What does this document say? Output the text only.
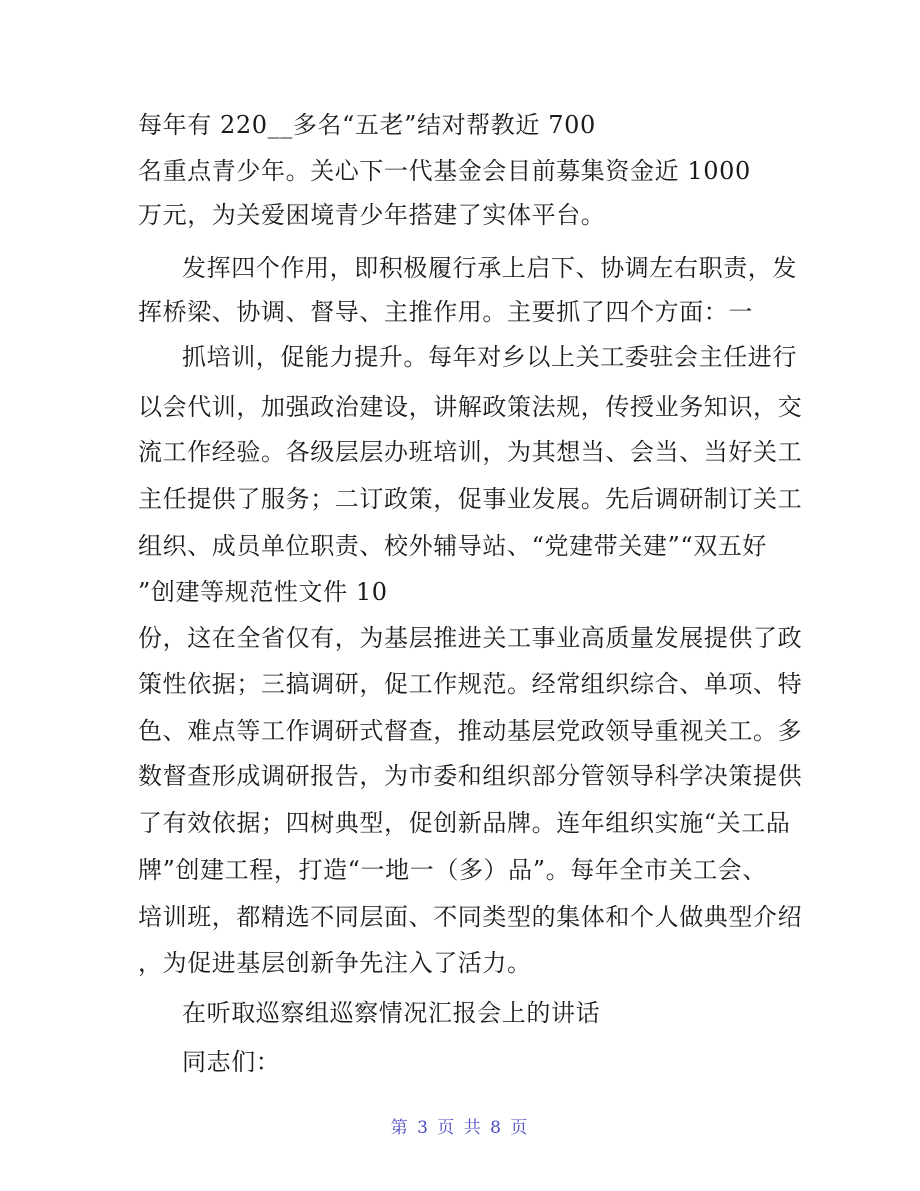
每年有 220__多名“五老”结对帮教近 700
名重点青少年。关心下一代基金会目前募集资金近 1000
万元，为关爱困境青少年搭建了实体平台。
发挥四个作用，即积极履行承上启下、协调左右职责，发
挥桥梁、协调、督导、主推作用。主要抓了四个方面：一
抓培训，促能力提升。每年对乡以上关工委驻会主任进行
以会代训，加强政治建设，讲解政策法规，传授业务知识，交
流工作经验。各级层层办班培训，为其想当、会当、当好关工
主任提供了服务；二订政策，促事业发展。先后调研制订关工
组织、成员单位职责、校外辅导站、“党建带关建”“双五好
”创建等规范性文件 10
份，这在全省仅有，为基层推进关工事业高质量发展提供了政
策性依据；三搞调研，促工作规范。经常组织综合、单项、特
色、难点等工作调研式督查，推动基层党政领导重视关工。多
数督查形成调研报告，为市委和组织部分管领导科学决策提供
了有效依据；四树典型，促创新品牌。连年组织实施“关工品
牌”创建工程，打造“一地一（多）品”。每年全市关工会、
培训班，都精选不同层面、不同类型的集体和个人做典型介绍
，为促进基层创新争先注入了活力。
在听取巡察组巡察情况汇报会上的讲话
同志们：
第 3 页 共 8 页
